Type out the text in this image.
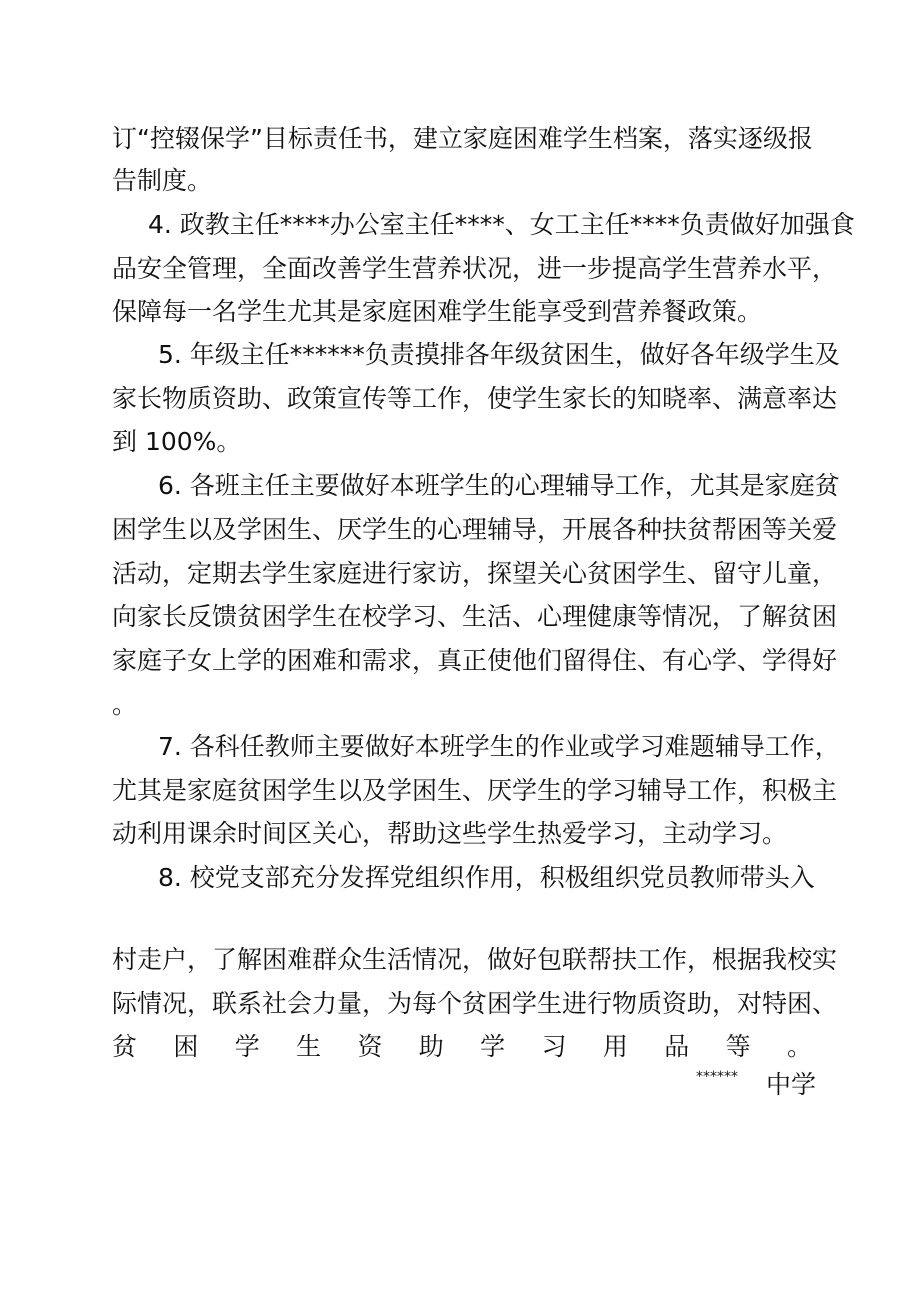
订“控辍保学”目标责任书，建立家庭困难学生档案，落实逐级报
告制度。
4. 政教主任****办公室主任****、女工主任****负责做好加强食
品安全管理，全面改善学生营养状况，进一步提高学生营养水平，
保障每一名学生尤其是家庭困难学生能享受到营养餐政策。
5. 年级主任******负责摸排各年级贫困生，做好各年级学生及
家长物质资助、政策宣传等工作，使学生家长的知晓率、满意率达
到 100%。
6. 各班主任主要做好本班学生的心理辅导工作，尤其是家庭贫
困学生以及学困生、厌学生的心理辅导，开展各种扶贫帮困等关爱
活动，定期去学生家庭进行家访，探望关心贫困学生、留守儿童，
向家长反馈贫困学生在校学习、生活、心理健康等情况，了解贫困
家庭子女上学的困难和需求，真正使他们留得住、有心学、学得好
。
7. 各科任教师主要做好本班学生的作业或学习难题辅导工作，
尤其是家庭贫困学生以及学困生、厌学生的学习辅导工作，积极主
动利用课余时间区关心，帮助这些学生热爱学习，主动学习。
8. 校党支部充分发挥党组织作用，积极组织党员教师带头入
村走户，了解困难群众生活情况，做好包联帮扶工作，根据我校实
际情况，联系社会力量，为每个贫困学生进行物质资助，对特困、
贫 困 学 生 资 助 学 习 用 品 等 。
****** 中学
